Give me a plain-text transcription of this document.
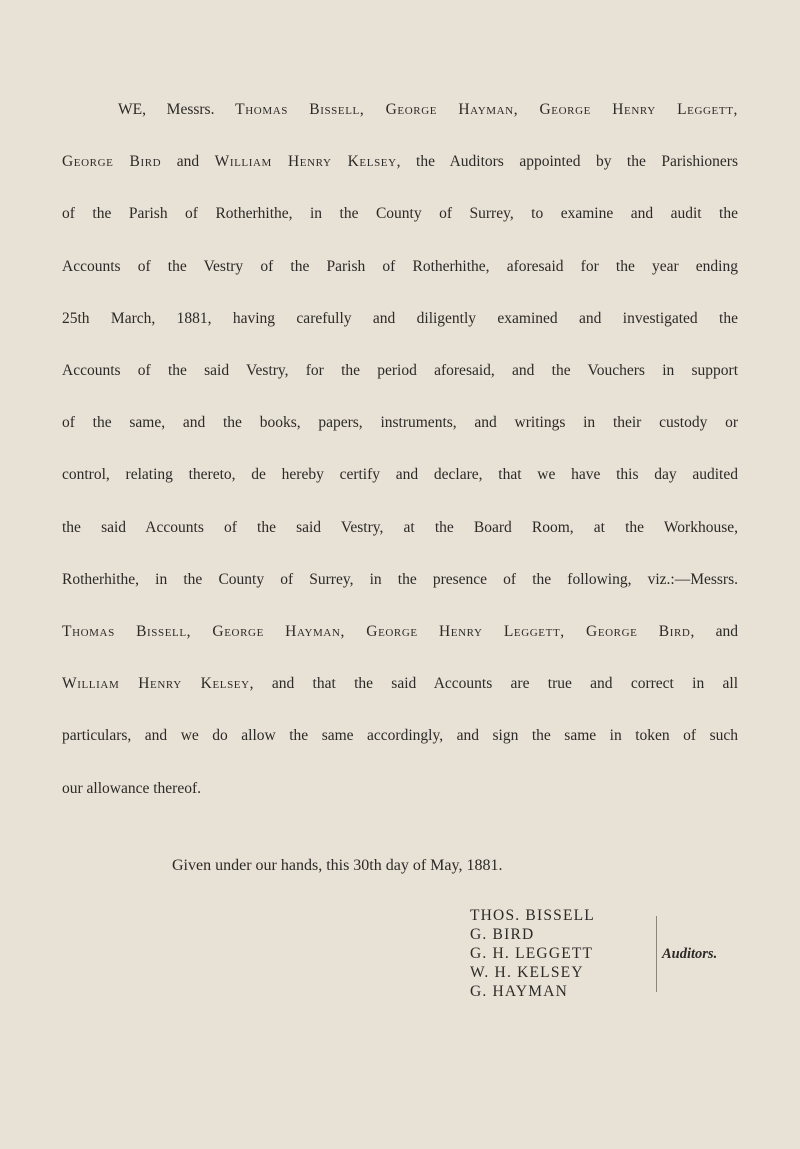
WE, Messrs. Thomas Bissell, George Hayman, George Henry Leggett,
George Bird and William Henry Kelsey, the Auditors appointed by the Parishioners
of the Parish of Rotherhithe, in the County of Surrey, to examine and audit the
Accounts of the Vestry of the Parish of Rotherhithe, aforesaid for the year ending
25th March, 1881, having carefully and diligently examined and investigated the
Accounts of the said Vestry, for the period aforesaid, and the Vouchers in support
of the same, and the books, papers, instruments, and writings in their custody or
control, relating thereto, de hereby certify and declare, that we have this day audited
the said Accounts of the said Vestry, at the Board Room, at the Workhouse,
Rotherhithe, in the County of Surrey, in the presence of the following, viz.:—Messrs.
Thomas Bissell, George Hayman, George Henry Leggett, George Bird, and
William Henry Kelsey, and that the said Accounts are true and correct in all
particulars, and we do allow the same accordingly, and sign the same in token of such
our allowance thereof.
Given under our hands, this 30th day of May, 1881.
THOS. BISSELL
G. BIRD
G. H. LEGGETT
W. H. KELSEY
G. HAYMAN
Auditors.
